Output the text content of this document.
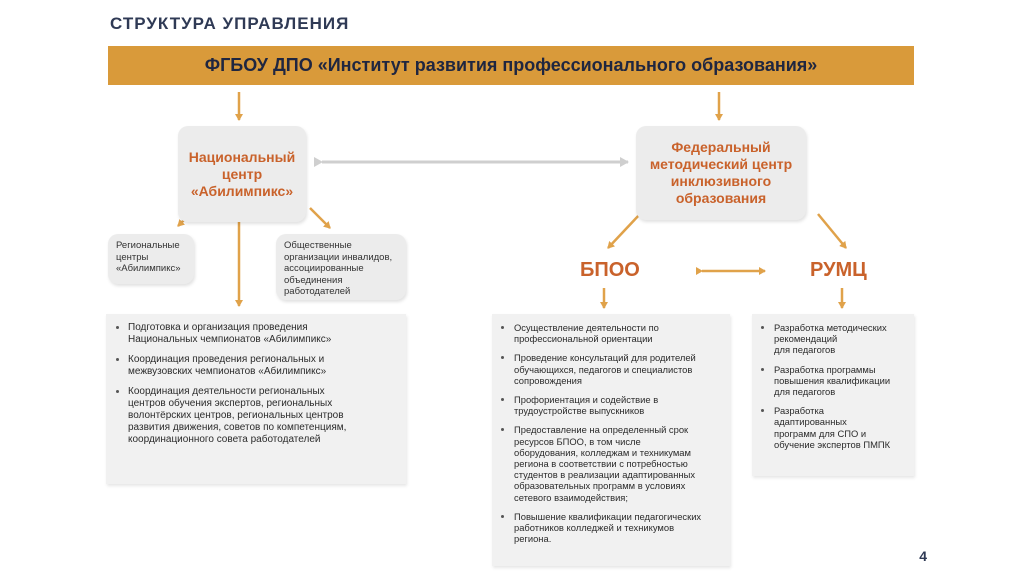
СТРУКТУРА УПРАВЛЕНИЯ
ФГБОУ ДПО «Институт развития профессионального образования»
Национальный
центр
«Абилимпикс»
Федеральный
методический центр
инклюзивного
образования
Региональные
центры
«Абилимпикс»
Общественные
организации инвалидов,
ассоциированные
объединения
работодателей
БПОО	РУМЦ
• Подготовка и организация проведения
Национальных чемпионатов «Абилимпикс»
• Координация проведения региональных и
межвузовских чемпионатов «Абилимпикс»
• Координация деятельности региональных
центров обучения экспертов, региональных
волонтёрских центров, региональных центров
развития движения, советов по компетенциям,
координационного совета работодателей
• Осуществление деятельности по
профессиональной ориентации
• Проведение консультаций для родителей
обучающихся, педагогов и специалистов
сопровождения
• Профориентация и содействие в
трудоустройстве выпускников
• Предоставление на определенный срок
ресурсов БПОО, в том числе
оборудования, колледжам и техникумам
региона в соответствии с потребностью
студентов в реализации адаптированных
образовательных программ в условиях
сетевого взаимодействия;
• Повышение квалификации педагогических
работников колледжей и техникумов
региона.
• Разработка методических
рекомендаций
для педагогов
• Разработка программы
повышения квалификации
для педагогов
• Разработка
адаптированных
программ для СПО и
обучение экспертов ПМПК
4
